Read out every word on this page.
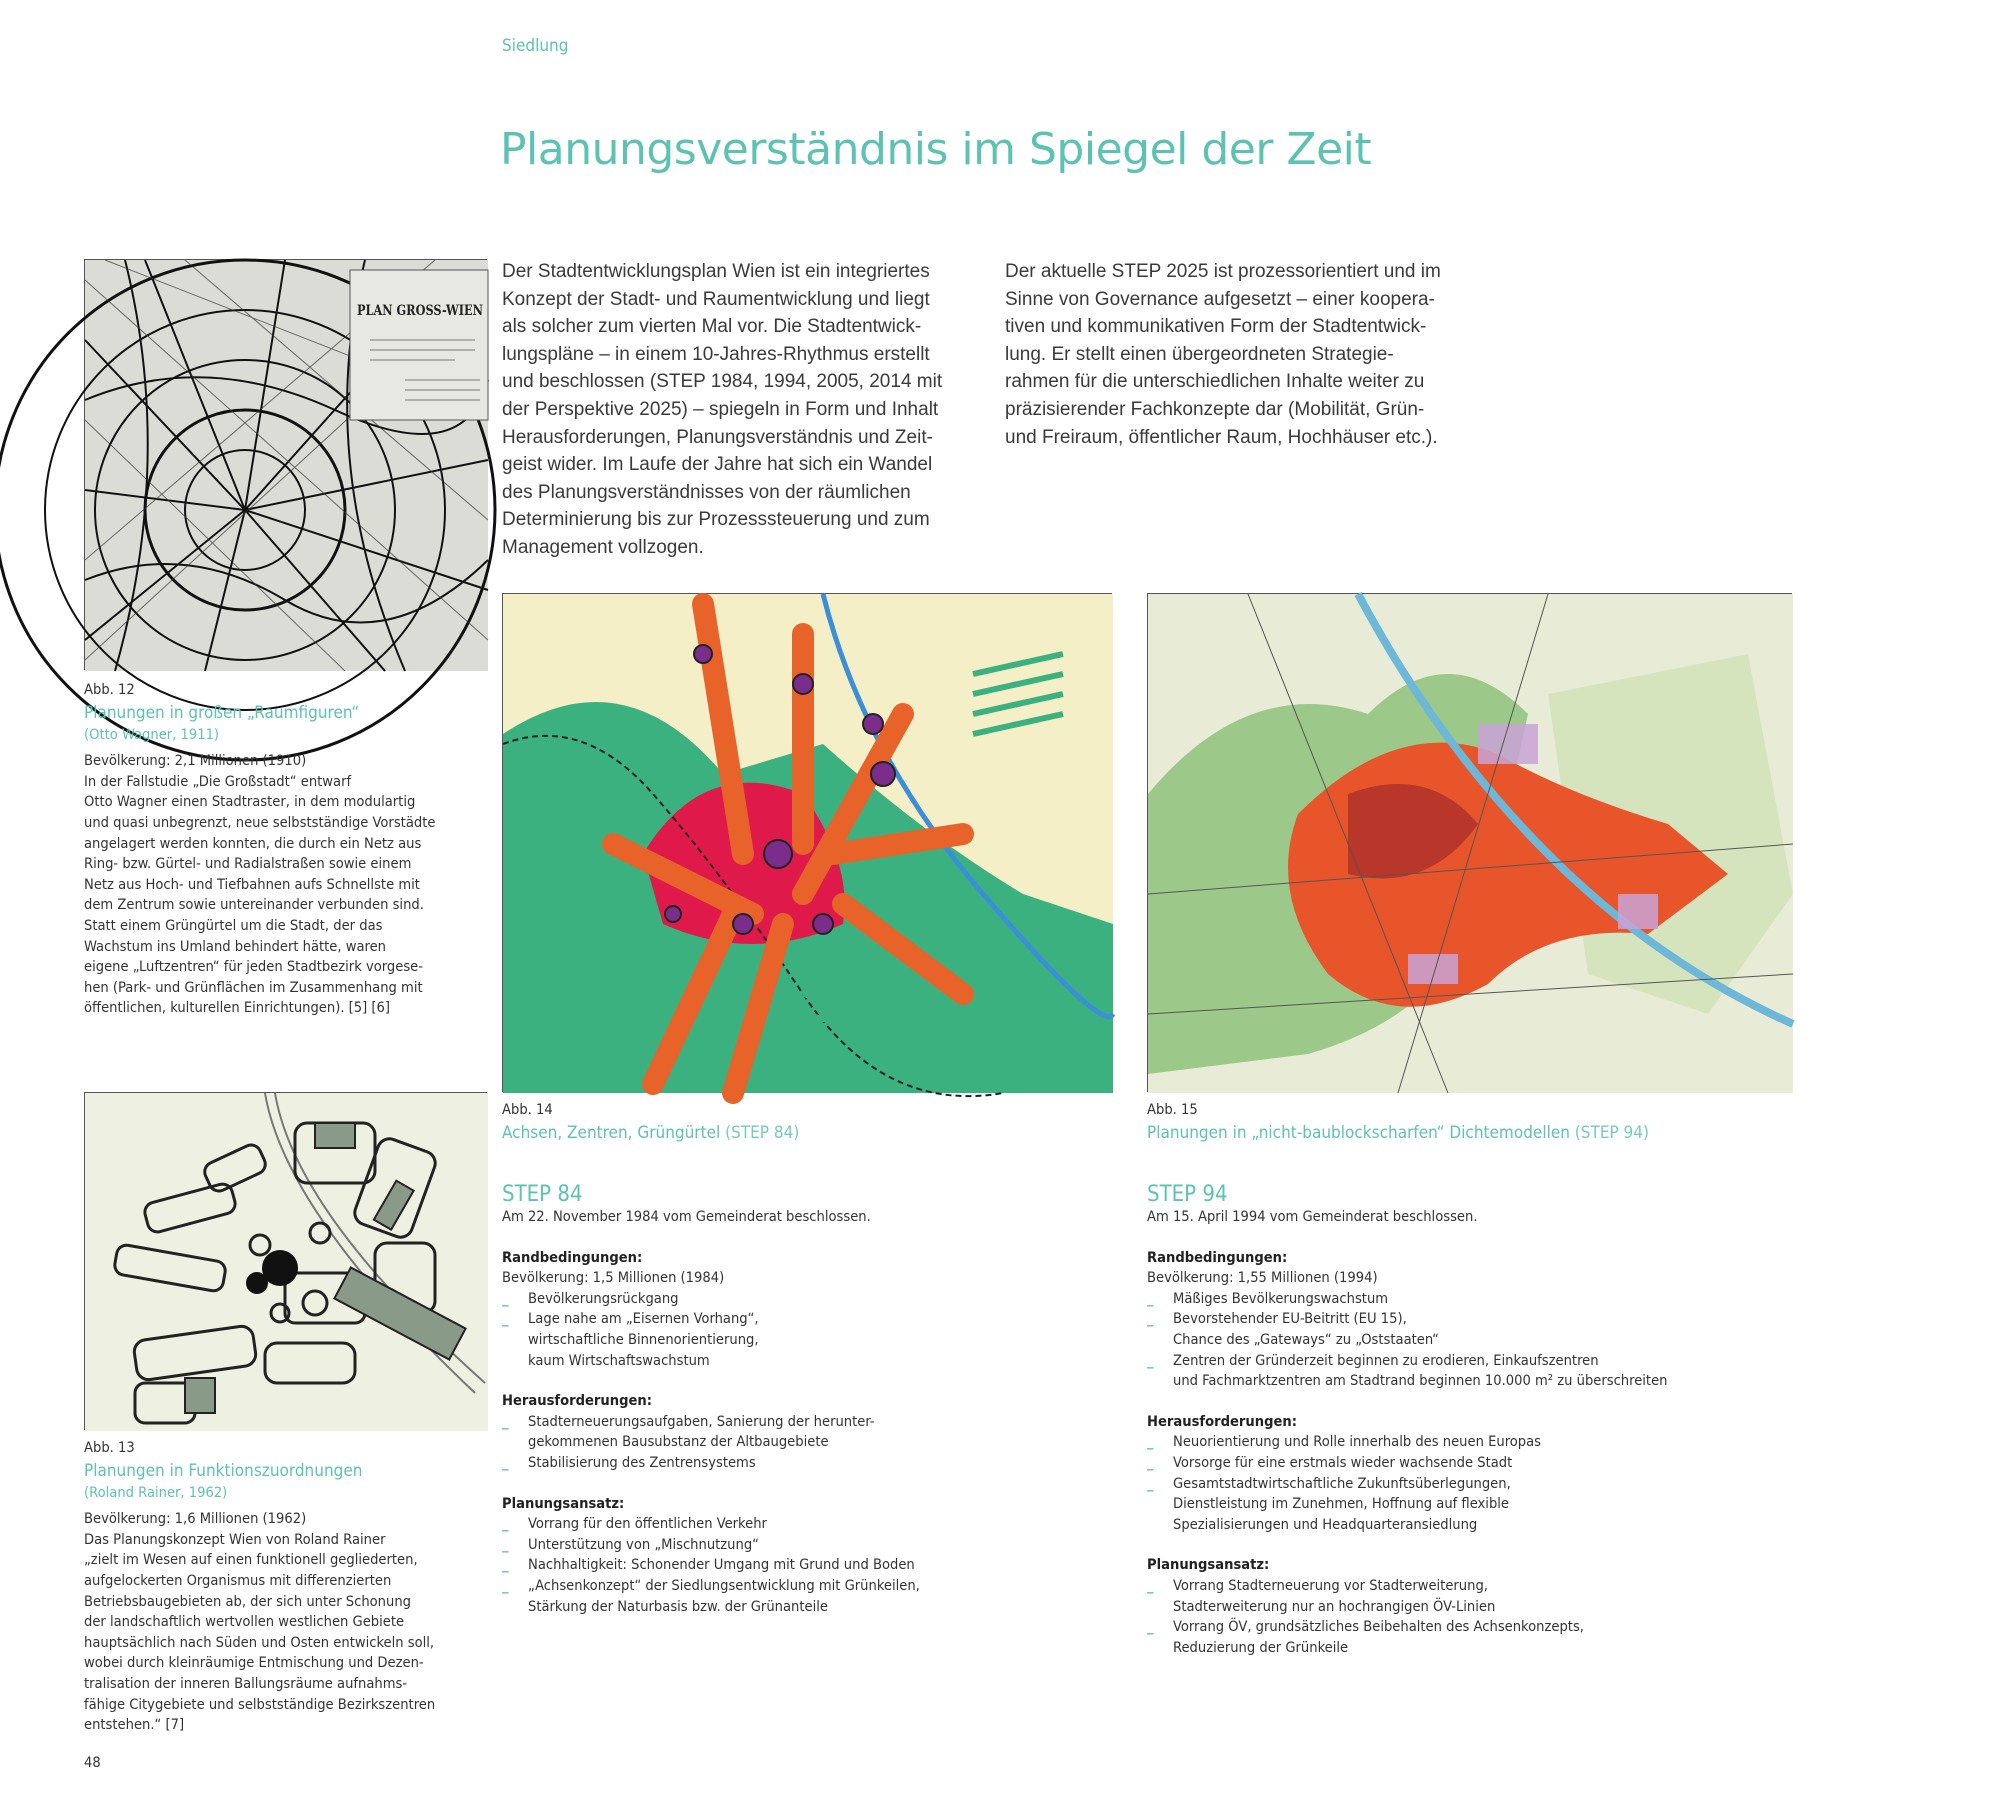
Siedlung
Planungsverständnis im Spiegel der Zeit

Der Stadtentwicklungsplan Wien ist ein integriertes
Konzept der Stadt- und Raumentwicklung und liegt
als solcher zum vierten Mal vor. Die Stadtentwick-
lungspläne – in einem 10-Jahres-Rhythmus erstellt
und beschlossen (STEP 1984, 1994, 2005, 2014 mit
der Perspektive 2025) – spiegeln in Form und Inhalt
Herausforderungen, Planungsverständnis und Zeit-
geist wider. Im Laufe der Jahre hat sich ein Wandel
des Planungsverständnisses von der räumlichen
Determinierung bis zur Prozesssteuerung und zum
Management vollzogen.

Der aktuelle STEP 2025 ist prozessorientiert und im
Sinne von Governance aufgesetzt – einer koopera-
tiven und kommunikativen Form der Stadtentwick-
lung. Er stellt einen übergeordneten Strategie-
rahmen für die unterschiedlichen Inhalte weiter zu
präzisierender Fachkonzepte dar (Mobilität, Grün-
und Freiraum, öffentlicher Raum, Hochhäuser etc.).

PLAN GROSS-WIEN
Abb. 12
Planungen in großen „Raumfiguren“
(Otto Wagner, 1911)
Bevölkerung: 2,1 Millionen (1910)
In der Fallstudie „Die Großstadt“ entwarf
Otto Wagner einen Stadtraster, in dem modulartig
und quasi unbegrenzt, neue selbstständige Vorstädte
angelagert werden konnten, die durch ein Netz aus
Ring- bzw. Gürtel- und Radialstraßen sowie einem
Netz aus Hoch- und Tiefbahnen aufs Schnellste mit
dem Zentrum sowie untereinander verbunden sind.
Statt einem Grüngürtel um die Stadt, der das
Wachstum ins Umland behindert hätte, waren
eigene „Luftzentren“ für jeden Stadtbezirk vorgese-
hen (Park- und Grünflächen im Zusammenhang mit
öffentlichen, kulturellen Einrichtungen). [5] [6]
Abb. 13
Planungen in Funktionszuordnungen
(Roland Rainer, 1962)
Bevölkerung: 1,6 Millionen (1962)
Das Planungskonzept Wien von Roland Rainer
„zielt im Wesen auf einen funktionell gegliederten,
aufgelockerten Organismus mit differenzierten
Betriebsbaugebieten ab, der sich unter Schonung
der landschaftlich wertvollen westlichen Gebiete
hauptsächlich nach Süden und Osten entwickeln soll,
wobei durch kleinräumige Entmischung und Dezen-
tralisation der inneren Ballungsräume aufnahms-
fähige Citygebiete und selbstständige Bezirkszentren
entstehen.“ [7]
Abb. 14
Achsen, Zentren, Grüngürtel (STEP 84)
Abb. 15
Planungen in „nicht-baublockscharfen“ Dichtemodellen (STEP 94)
STEP 84
Am 22. November 1984 vom Gemeinderat beschlossen.
Randbedingungen:
Bevölkerung: 1,5 Millionen (1984)
_ Bevölkerungsrückgang
_ Lage nahe am „Eisernen Vorhang“,
wirtschaftliche Binnenorientierung,
kaum Wirtschaftswachstum
Herausforderungen:
_ Stadterneuerungsaufgaben, Sanierung der herunter-
gekommenen Bausubstanz der Altbaugebiete
_ Stabilisierung des Zentrensystems
Planungsansatz:
_ Vorrang für den öffentlichen Verkehr
_ Unterstützung von „Mischnutzung“
_ Nachhaltigkeit: Schonender Umgang mit Grund und Boden
_ „Achsenkonzept“ der Siedlungsentwicklung mit Grünkeilen,
Stärkung der Naturbasis bzw. der Grünanteile
STEP 94
Am 15. April 1994 vom Gemeinderat beschlossen.
Randbedingungen:
Bevölkerung: 1,55 Millionen (1994)
_ Mäßiges Bevölkerungswachstum
_ Bevorstehender EU-Beitritt (EU 15),
Chance des „Gateways“ zu „Oststaaten“
_ Zentren der Gründerzeit beginnen zu erodieren, Einkaufszentren
und Fachmarktzentren am Stadtrand beginnen 10.000 m² zu überschreiten
Herausforderungen:
_ Neuorientierung und Rolle innerhalb des neuen Europas
_ Vorsorge für eine erstmals wieder wachsende Stadt
_ Gesamtstadtwirtschaftliche Zukunftsüberlegungen,
Dienstleistung im Zunehmen, Hoffnung auf flexible
Spezialisierungen und Headquarteransiedlung
Planungsansatz:
_ Vorrang Stadterneuerung vor Stadterweiterung,
Stadterweiterung nur an hochrangigen ÖV-Linien
_ Vorrang ÖV, grundsätzliches Beibehalten des Achsenkonzepts,
Reduzierung der Grünkeile
48
